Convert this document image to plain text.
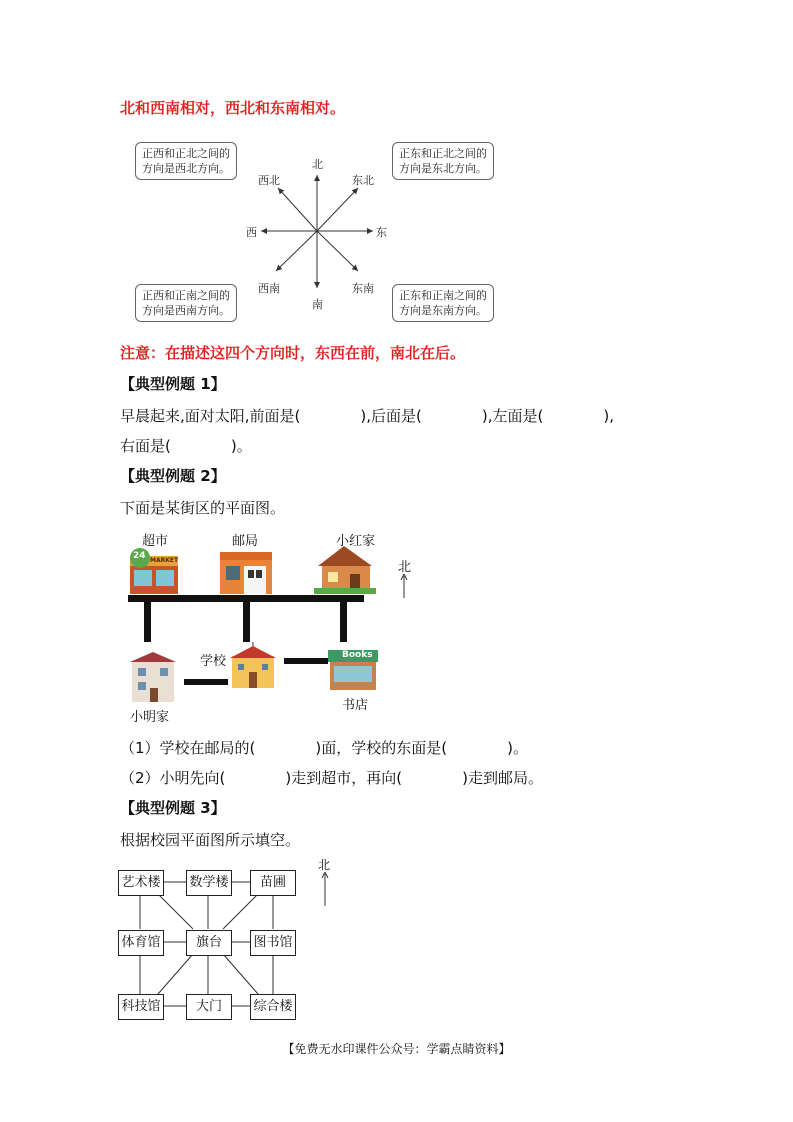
北和西南相对，西北和东南相对。
北
南
东
西
西北	东北
西南	东南
正西和正北之间的
方向是西北方向。
正东和正北之间的
方向是东北方向。
正西和正南之间的
方向是西南方向。
正东和正南之间的
方向是东南方向。
注意：在描述这四个方向时，东西在前，南北在后。
【典型例题 1】
早晨起来,面对太阳,前面是(　　　　),后面是(　　　　),左面是(　　　　),
右面是(　　　　)。
【典型例题 2】
下面是某街区的平面图。
超市	邮局	小红家
24 MARKET	北
小明家
学校	Books
书店
（1）学校在邮局的(　　　　)面，学校的东面是(　　　　)。
（2）小明先向(　　　　)走到超市，再向(　　　　)走到邮局。
【典型例题 3】
根据校园平面图所示填空。
艺术楼 数学楼	苗圃
体育馆	旗台	图书馆
科技馆	大门	综合楼
北
【免费无水印课件公众号：学霸点睛资料】
